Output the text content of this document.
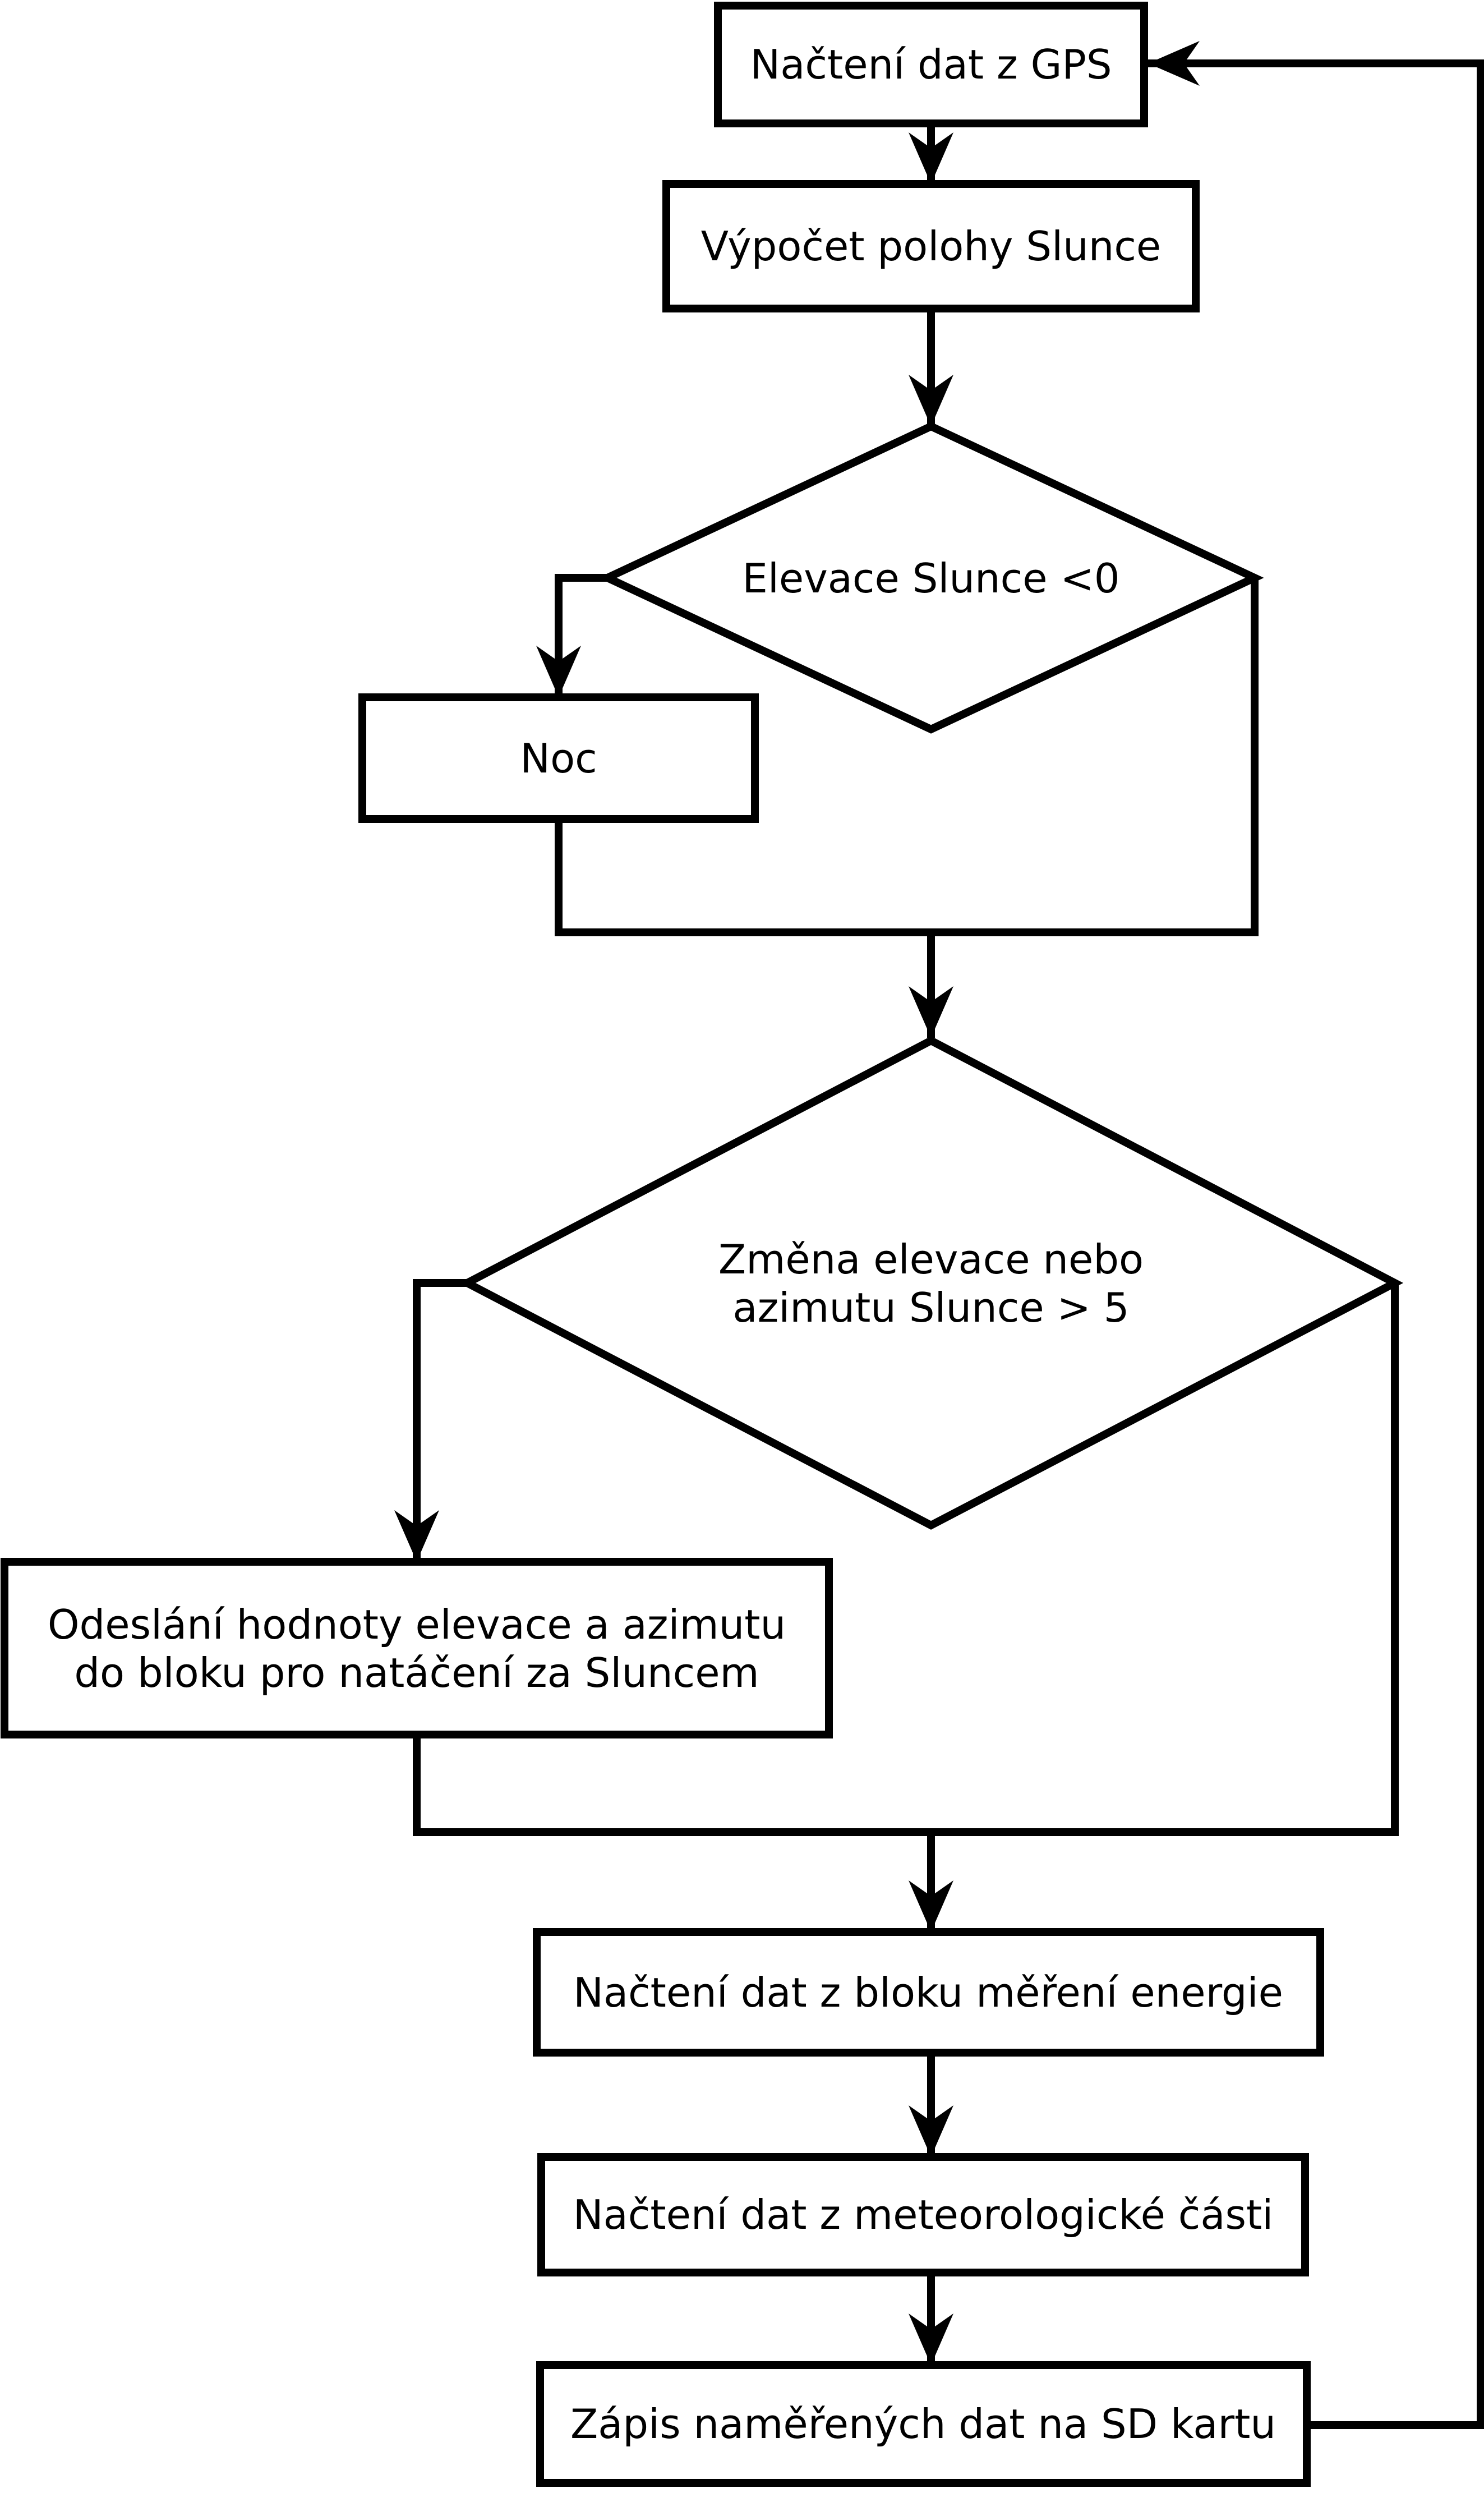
Načtení dat z GPS
Výpočet polohy Slunce
Elevace Slunce <0
Noc
Změna elevace nebo
azimutu Slunce > 5
Odeslání hodnoty elevace a azimutu
do bloku pro natáčení za Sluncem
Načtení dat z bloku měření energie
Načtení dat z meteorologické části
Zápis naměřených dat na SD kartu
